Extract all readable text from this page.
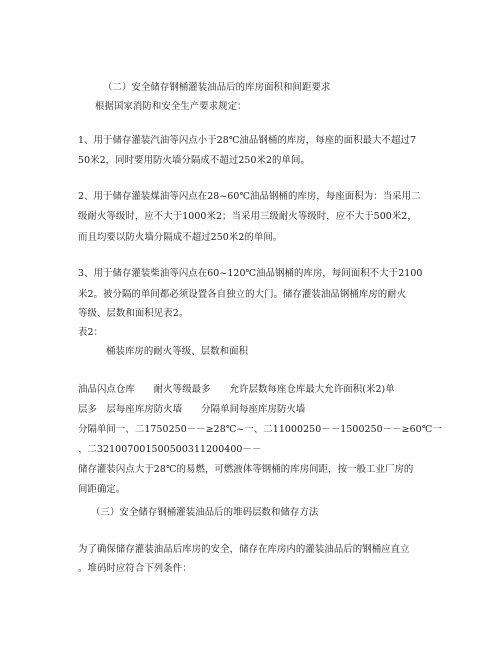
（二）安全储存钢桶灌装油品后的库房面积和间距要求
根据国家消防和安全生产要求规定：
1、用于储存灌装汽油等闪点小于28℃油品钢桶的库房，每座的面积最大不超过7
50米2，同时要用防火墙分隔成不超过250米2的单间。
2、用于储存灌装煤油等闪点在28~60℃油品钢桶的库房，每座面积为：当采用二
级耐火等级时，应不大于1000米2；当采用三级耐火等级时，应不大于500米2，
而且均要以防火墙分隔成不超过250米2的单间。
3、用于储存灌装柴油等闪点在60~120℃油品钢桶的库房，每间面积不大于2100
米2。被分隔的单间都必须设置各自独立的大门。储存灌装油品钢桶库房的耐火
等级、层数和面积见表2。
表2：
桶装库房的耐火等级、层数和面积
油品闪点仓库　　耐火等级最多　　允许层数每座仓库最大允许面积(米2)单
层多　层每座库房防火墙　　分隔单间每座库房防火墙
分隔单间一、二1750250－－≥28℃~一、二11000250－－1500250－－≥60℃一
、二321007001500500311200400－－
储存灌装闪点大于28℃的易燃，可燃液体等钢桶的库房间距，按一般工业厂房的
间距确定。
（三）安全储存钢桶灌装油品后的堆码层数和储存方法
为了确保储存灌装油品后库房的安全，储存在库房内的灌装油品后的钢桶应直立
。堆码时应符合下列条件：
